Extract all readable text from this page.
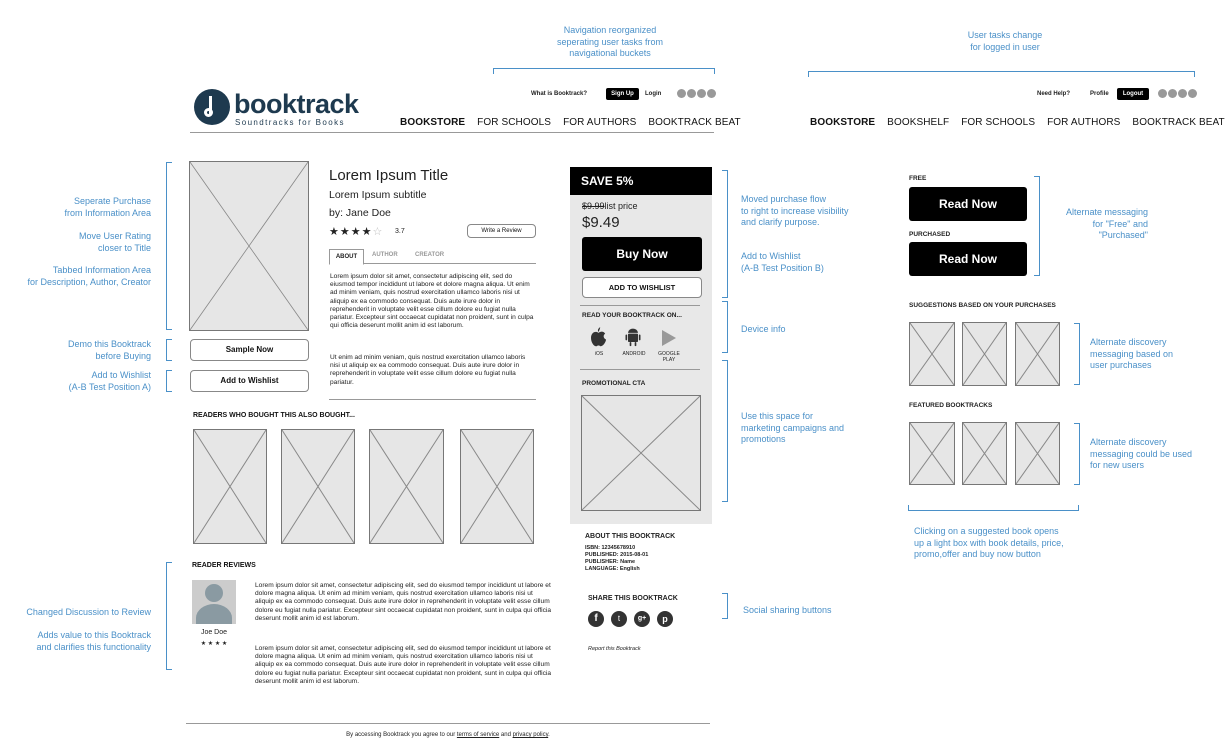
Navigation reorganized
seperating user tasks from
navigational buckets
User tasks change
for logged in user
Seperate Purchase
from Information Area
Move User Rating
closer to Title
Tabbed Information Area
for Description, Author, Creator
Demo this Booktrack
before Buying
Add to Wishlist
(A-B Test Position A)
Changed Discussion to Review
Adds value to this Booktrack
and clarifies this functionality
Moved purchase flow
to right to increase visibility
and clarify purpose.
Add to Wishlist
(A-B Test Position B)
Device info
Use this space for
marketing campaigns and
promotions
Social sharing buttons
Alternate messaging
for "Free" and
"Purchased"
Alternate discovery
messaging based on
user purchases
Alternate discovery
messaging could be used
for new users
Clicking on a suggested book opens
up a light box with book details, price,
promo,offer and buy now button
booktrack
Soundtracks for Books
What is Booktrack?	Sign Up	Login
BOOKSTORE FOR SCHOOLS FOR AUTHORS BOOKTRACK BEAT
Need Help?	Profile	Logout
BOOKSTORE BOOKSHELF FOR SCHOOLS FOR AUTHORS BOOKTRACK BEAT
Sample Now
Add to Wishlist
Lorem Ipsum Title
Lorem Ipsum subtitle
by: Jane Doe
★★★★☆ 3.7	Write a Review
ABOUT	AUTHOR	CREATOR
Lorem ipsum dolor sit amet, consectetur adipiscing elit, sed do eiusmod tempor incididunt ut labore et dolore magna aliqua. Ut enim ad minim veniam, quis nostrud exercitation ullamco laboris nisi ut aliquip ex ea commodo consequat. Duis aute irure dolor in reprehenderit in voluptate velit esse cillum dolore eu fugiat nulla pariatur. Excepteur sint occaecat cupidatat non proident, sunt in culpa qui officia deserunt mollit anim id est laborum.
Ut enim ad minim veniam, quis nostrud exercitation ullamco laboris nisi ut aliquip ex ea commodo consequat. Duis aute irure dolor in reprehenderit in voluptate velit esse cillum dolore eu fugiat nulla pariatur.
READERS WHO BOUGHT THIS ALSO BOUGHT...
READER REVIEWS
Joe Doe
★ ★ ★ ★
Lorem ipsum dolor sit amet, consectetur adipiscing elit, sed do eiusmod tempor incididunt ut labore et dolore magna aliqua. Ut enim ad minim veniam, quis nostrud exercitation ullamco laboris nisi ut aliquip ex ea commodo consequat. Duis aute irure dolor in reprehenderit in voluptate velit esse cillum dolore eu fugiat nulla pariatur. Excepteur sint occaecat cupidatat non proident, sunt in culpa qui officia deserunt mollit anim id est laborum.
Lorem ipsum dolor sit amet, consectetur adipiscing elit, sed do eiusmod tempor incididunt ut labore et dolore magna aliqua. Ut enim ad minim veniam, quis nostrud exercitation ullamco laboris nisi ut aliquip ex ea commodo consequat. Duis aute irure dolor in reprehenderit in voluptate velit esse cillum dolore eu fugiat nulla pariatur. Excepteur sint occaecat cupidatat non proident, sunt in culpa qui officia deserunt mollit anim id est laborum.
By accessing Booktrack you agree to our terms of service and privacy policy.
SAVE 5%
$9.99list price
$9.49
Buy Now
ADD TO WISHLIST
READ YOUR BOOKTRACK ON...
iOS	ANDROID	GOOGLE
PLAY
PROMOTIONAL CTA
ABOUT THIS BOOKTRACK
ISBN: 12345678910
PUBLISHED: 2015-08-01
PUBLISHER: Name
LANGUAGE: English
SHARE THIS BOOKTRACK
f	t	g+	p
Report this Booktrack
FREE
Read Now
PURCHASED
Read Now
SUGGESTIONS BASED ON YOUR PURCHASES
FEATURED BOOKTRACKS
